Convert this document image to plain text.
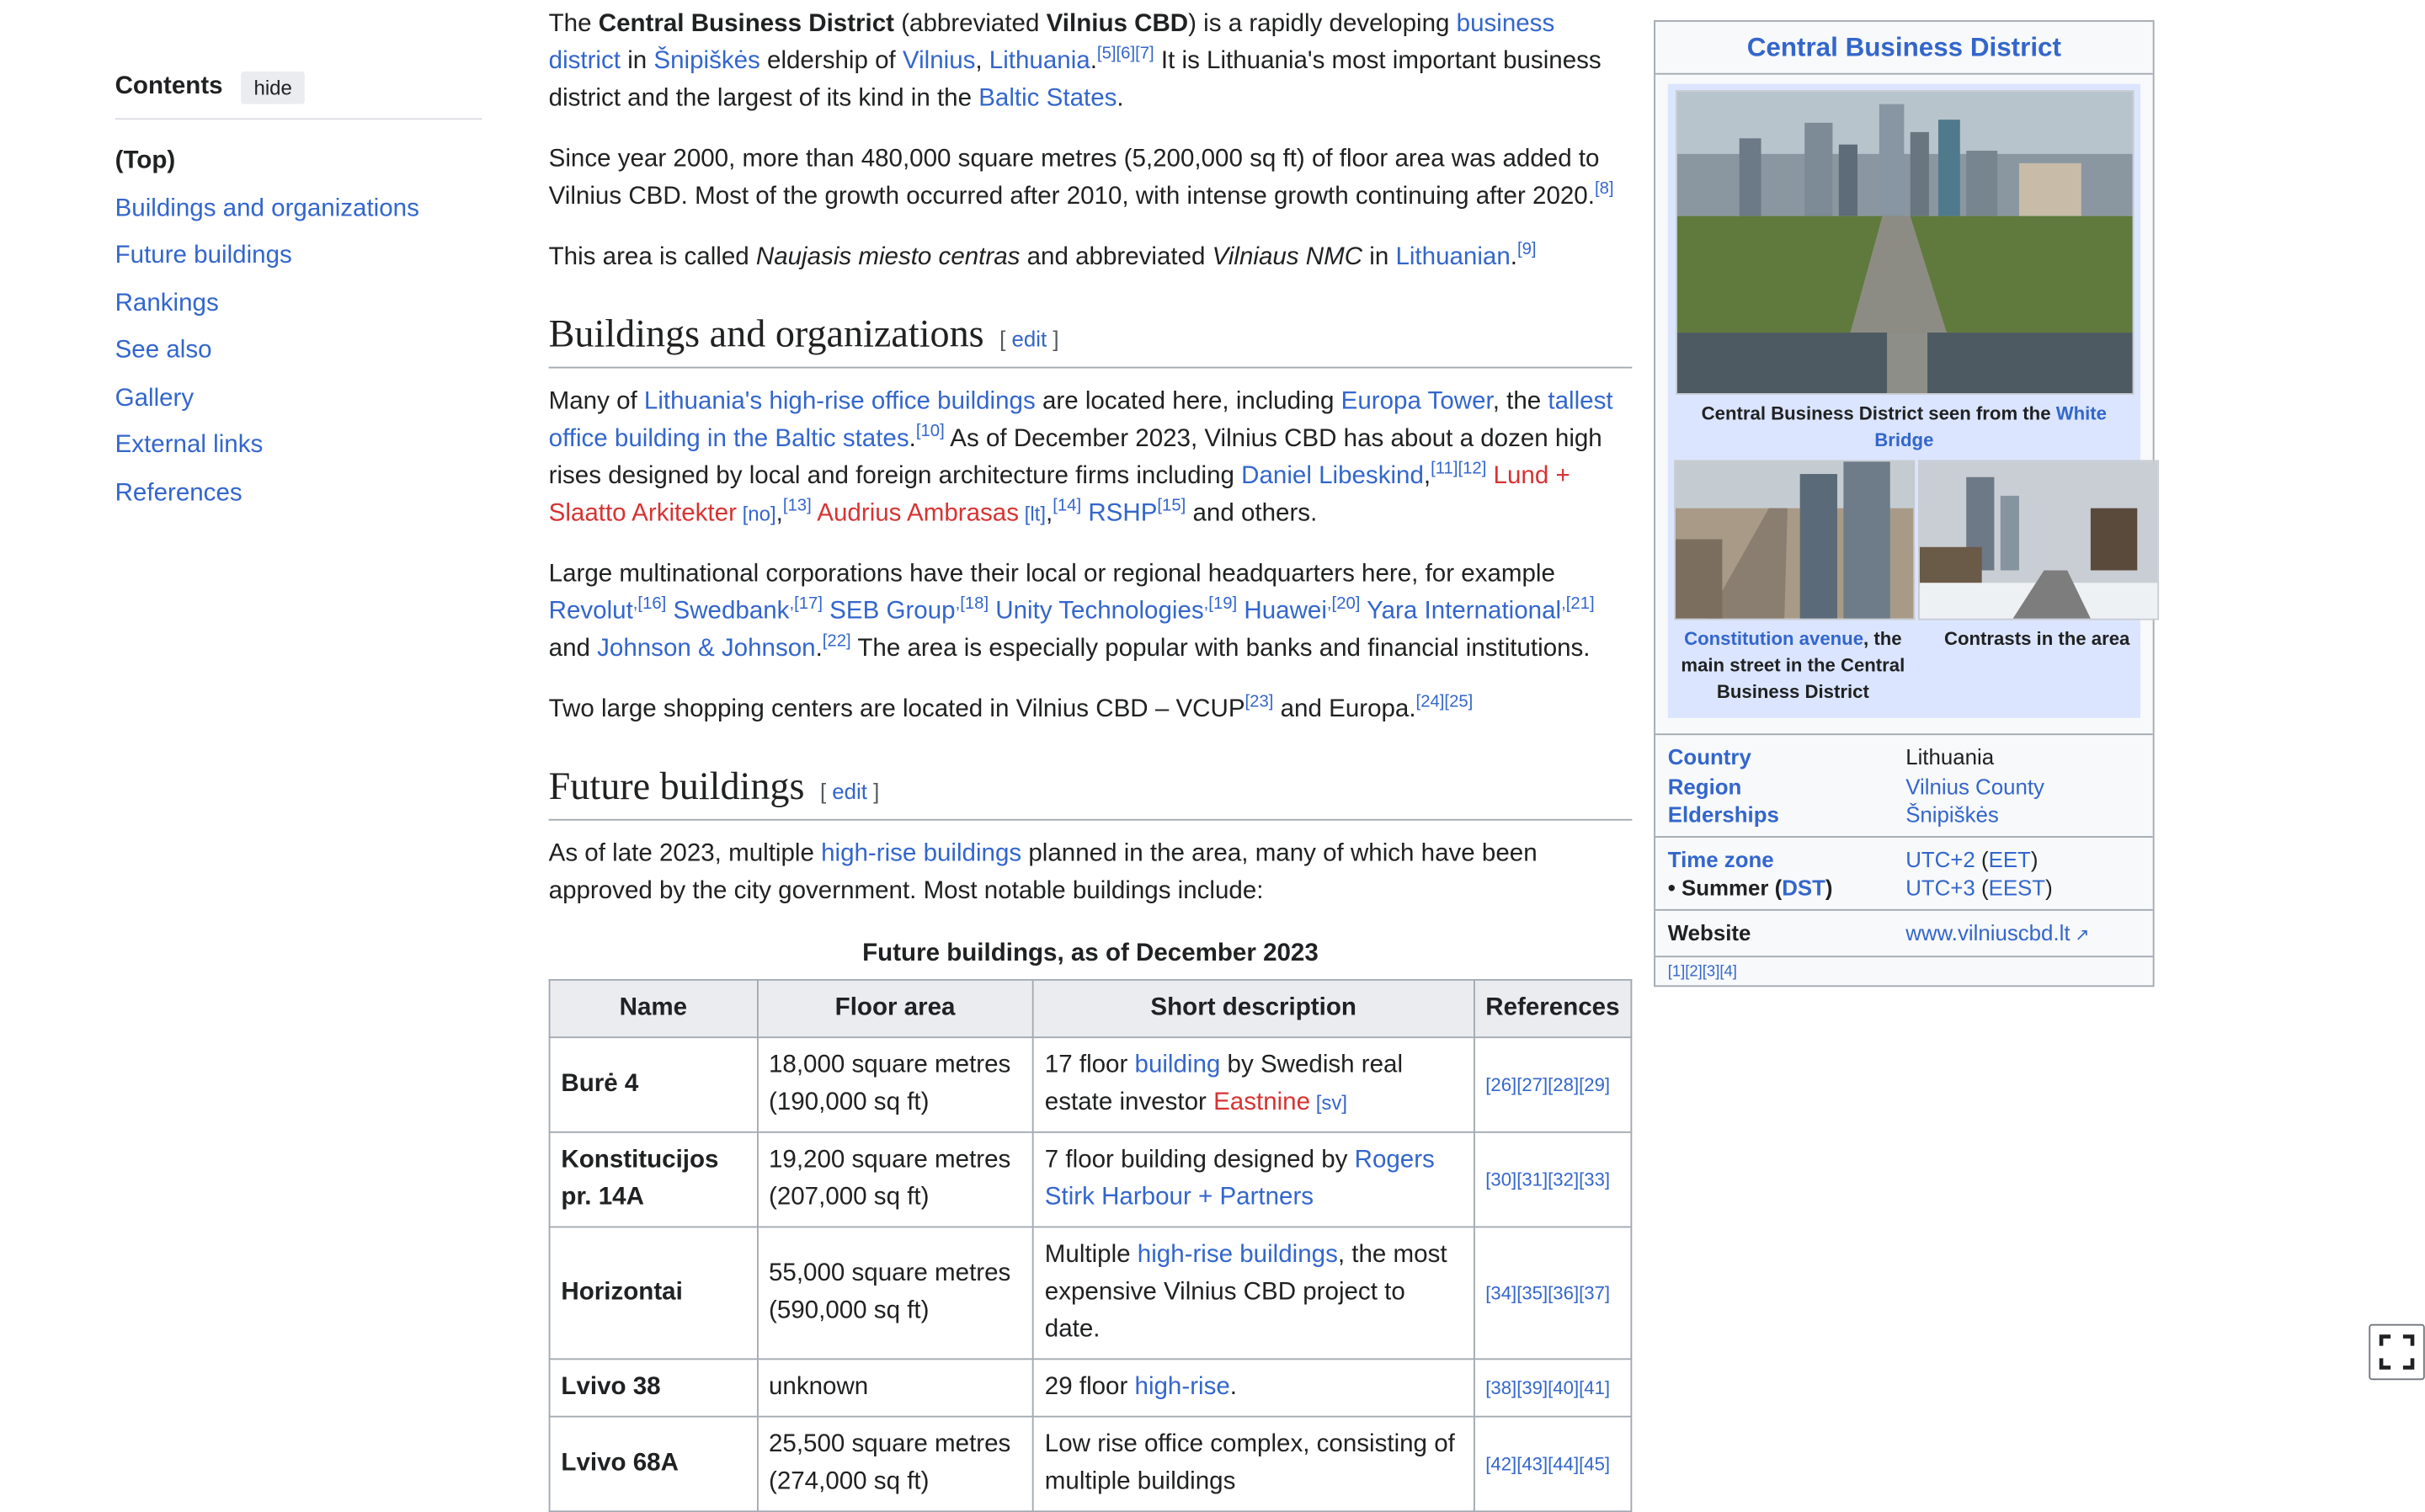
Contents	hide
(Top)
Buildings and organizations
Future buildings
Rankings
See also
Gallery
External links
References

The Central Business District (abbreviated Vilnius CBD) is a rapidly developing business district in Šnipiškės eldership of Vilnius, Lithuania.[5][6][7] It is Lithuania's most important business district and the largest of its kind in the Baltic States.

Since year 2000, more than 480,000 square metres (5,200,000 sq ft) of floor area was added to Vilnius CBD. Most of the growth occurred after 2010, with intense growth continuing after 2020.[8]

This area is called Naujasis miesto centras and abbreviated Vilniaus NMC in Lithuanian.[9]

Buildings and organizations [ edit ]

Many of Lithuania's high-rise office buildings are located here, including Europa Tower, the tallest office building in the Baltic states.[10] As of December 2023, Vilnius CBD has about a dozen high rises designed by local and foreign architecture firms including Daniel Libeskind,[11][12] Lund + Slaatto Arkitekter [no],[13] Audrius Ambrasas [lt],[14] RSHP[15] and others.

Large multinational corporations have their local or regional headquarters here, for example Revolut$^{,[16]}$ Swedbank$^{,[17]}$ SEB Group$^{,[18]}$ Unity Technologies$^{,[19]}$ Huawei$^{,[20]}$ Yara International$^{,[21]}$ and Johnson & Johnson.[22] The area is especially popular with banks and financial institutions.

Two large shopping centers are located in Vilnius CBD – VCUP[23] and Europa.[24][25]

Future buildings [ edit ]

As of late 2023, multiple high-rise buildings planned in the area, many of which have been approved by the city government. Most notable buildings include:

Future buildings, as of December 2023
Name	Floor area	Short description	References
Burė 4	18,000 square metres (190,000 sq ft)	17 floor building by Swedish real estate investor Eastnine [sv]	[26][27][28][29]
Konstitucijos pr. 14A	19,200 square metres (207,000 sq ft)	7 floor building designed by Rogers Stirk Harbour + Partners	[30][31][32][33]
Horizontai	55,000 square metres (590,000 sq ft)	Multiple high-rise buildings, the most expensive Vilnius CBD project to date.	[34][35][36][37]
Lvivo 38	unknown	29 floor high-rise.	[38][39][40][41]
Lvivo 68A	25,500 square metres (274,000 sq ft)	Low rise office complex, consisting of multiple buildings	[42][43][44][45]
Central Business District
Central Business District seen from the White Bridge
Constitution avenue, the main street in the Central Business District
Contrasts in the area
Country	Lithuania
Region	Vilnius County
Elderships	Šnipiškės
Time zone	UTC+2 (EET)
• Summer (DST)	UTC+3 (EEST)
Website	www.vilniuscbd.lt ↗
[1][2][3][4]
